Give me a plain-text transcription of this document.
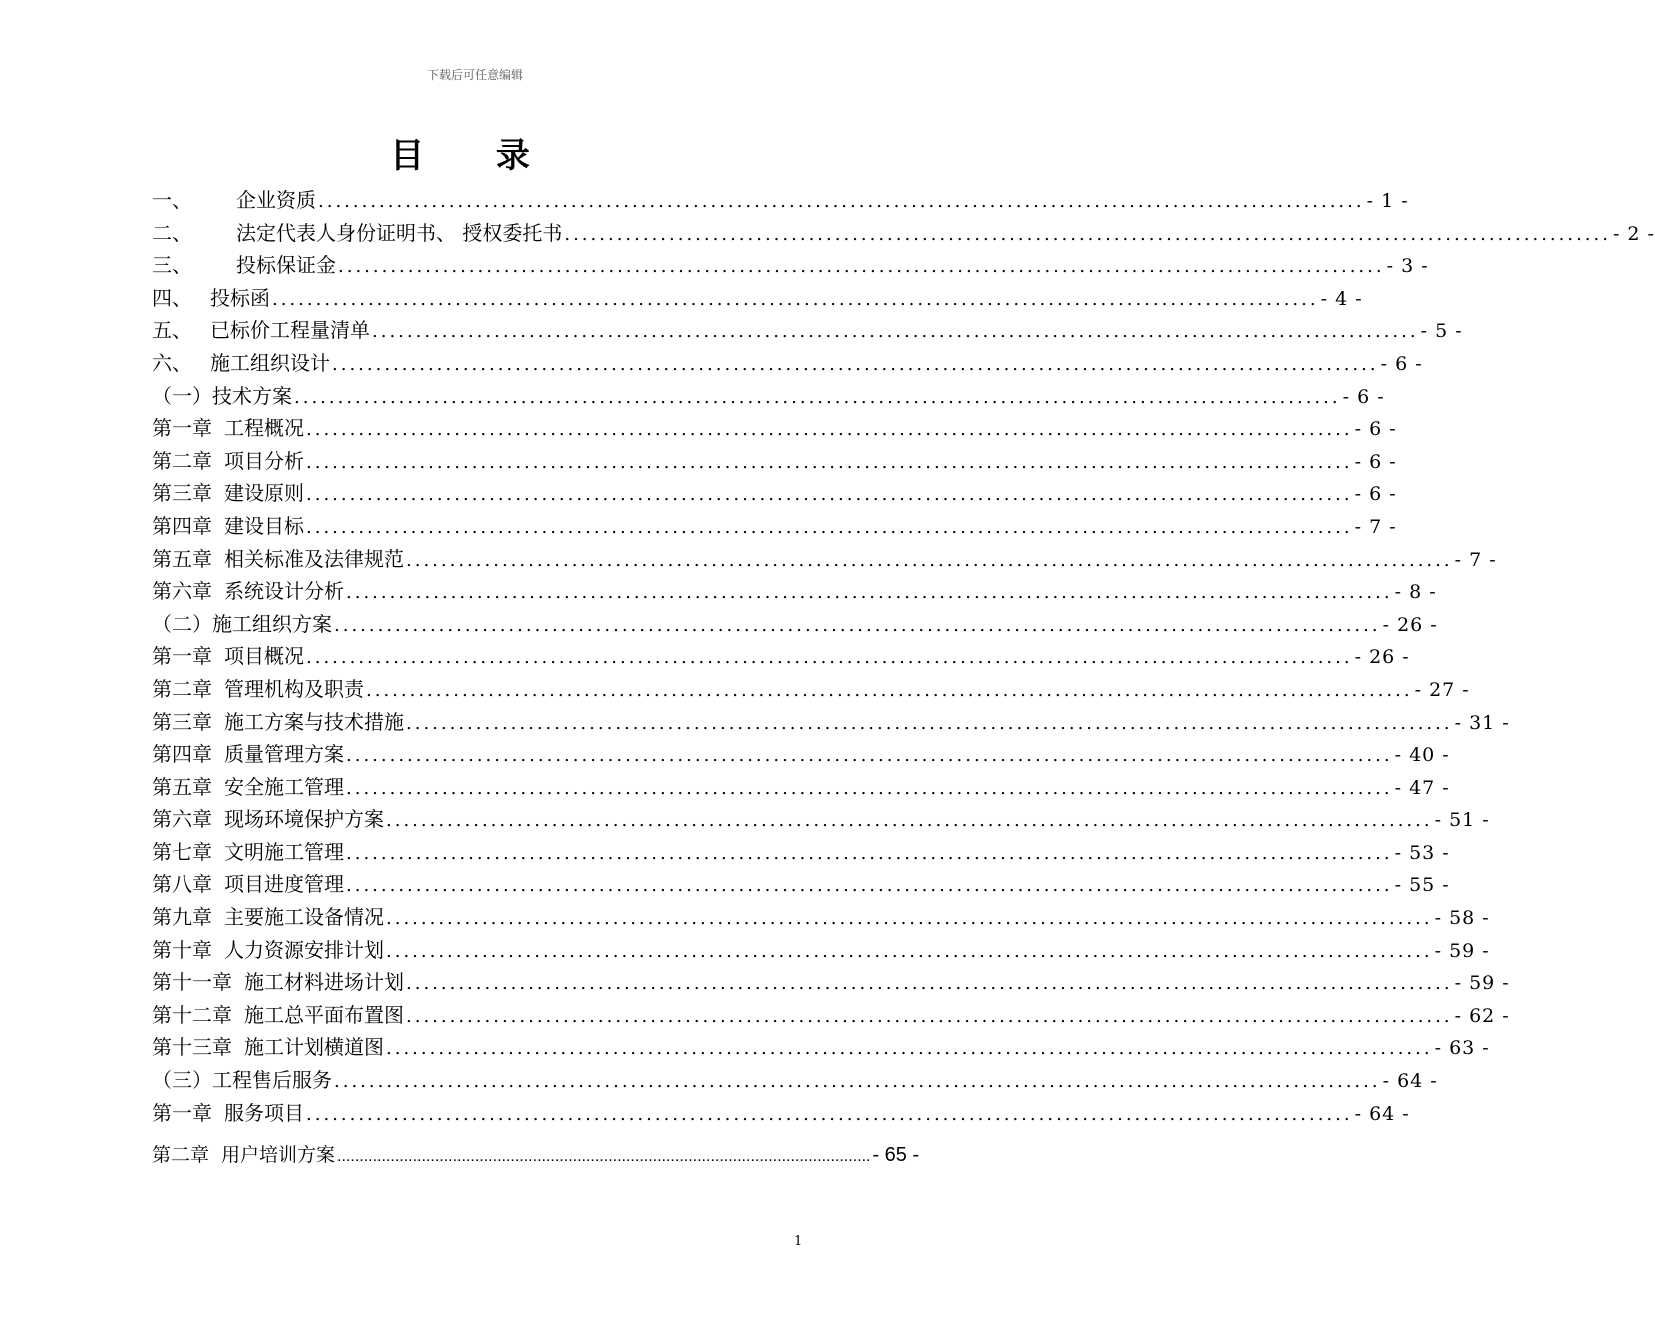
下载后可任意编辑
目 录
一、 企业资质 ........................................................................................................................ - 1 -
二、 法定代表人身份证明书、 授权委托书 ........................................................................................................................ - 2 -
三、 投标保证金 ........................................................................................................................ - 3 -
四、 投标函 ........................................................................................................................ - 4 -
五、 已标价工程量清单 ........................................................................................................................ - 5 -
六、 施工组织设计 ........................................................................................................................ - 6 -
（一） 技术方案 ........................................................................................................................ - 6 -
第一章 工程概况 ........................................................................................................................ - 6 -
第二章 项目分析 ........................................................................................................................ - 6 -
第三章 建设原则 ........................................................................................................................ - 6 -
第四章 建设目标 ........................................................................................................................ - 7 -
第五章 相关标准及法律规范 ........................................................................................................................ - 7 -
第六章 系统设计分析 ........................................................................................................................ - 8 -
（二） 施工组织方案 ........................................................................................................................ - 26 -
第一章 项目概况 ........................................................................................................................ - 26 -
第二章 管理机构及职责 ........................................................................................................................ - 27 -
第三章 施工方案与技术措施 ........................................................................................................................ - 31 -
第四章 质量管理方案 ........................................................................................................................ - 40 -
第五章 安全施工管理 ........................................................................................................................ - 47 -
第六章 现场环境保护方案 ........................................................................................................................ - 51 -
第七章 文明施工管理 ........................................................................................................................ - 53 -
第八章 项目进度管理 ........................................................................................................................ - 55 -
第九章 主要施工设备情况 ........................................................................................................................ - 58 -
第十章 人力资源安排计划 ........................................................................................................................ - 59 -
第十一章 施工材料进场计划 ........................................................................................................................ - 59 -
第十二章 施工总平面布置图 ........................................................................................................................ - 62 -
第十三章 施工计划横道图 ........................................................................................................................ - 63 -
（三） 工程售后服务 ........................................................................................................................ - 64 -
第一章 服务项目 ........................................................................................................................ - 64 -
第二章 用户培训方案 ........................................................................................................................ - 65 -
1
